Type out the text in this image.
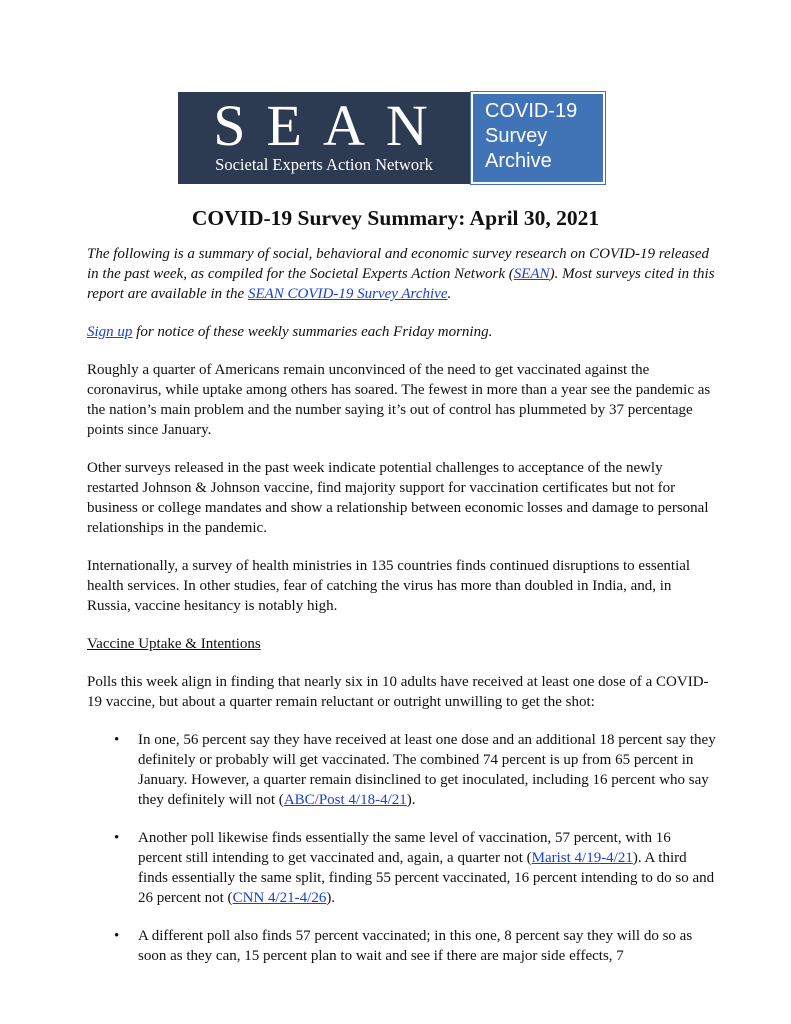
SEAN
Societal Experts Action Network
COVID-19
Survey
Archive
COVID-19 Survey Summary: April 30, 2021

The following is a summary of social, behavioral and economic survey research on COVID-19 released in the past week, as compiled for the Societal Experts Action Network (SEAN). Most surveys cited in this report are available in the SEAN COVID-19 Survey Archive.

Sign up for notice of these weekly summaries each Friday morning.

Roughly a quarter of Americans remain unconvinced of the need to get vaccinated against the coronavirus, while uptake among others has soared. The fewest in more than a year see the pandemic as the nation’s main problem and the number saying it’s out of control has plummeted by 37 percentage points since January.

Other surveys released in the past week indicate potential challenges to acceptance of the newly restarted Johnson & Johnson vaccine, find majority support for vaccination certificates but not for business or college mandates and show a relationship between economic losses and damage to personal relationships in the pandemic.

Internationally, a survey of health ministries in 135 countries finds continued disruptions to essential health services. In other studies, fear of catching the virus has more than doubled in India, and, in Russia, vaccine hesitancy is notably high.

Vaccine Uptake & Intentions

Polls this week align in finding that nearly six in 10 adults have received at least one dose of a COVID-19 vaccine, but about a quarter remain reluctant or outright unwilling to get the shot:

• In one, 56 percent say they have received at least one dose and an additional 18 percent say they definitely or probably will get vaccinated. The combined 74 percent is up from 65 percent in January. However, a quarter remain disinclined to get inoculated, including 16 percent who say they definitely will not (ABC/Post 4/18-4/21).
• Another poll likewise finds essentially the same level of vaccination, 57 percent, with 16 percent still intending to get vaccinated and, again, a quarter not (Marist 4/19-4/21). A third finds essentially the same split, finding 55 percent vaccinated, 16 percent intending to do so and 26 percent not (CNN 4/21-4/26).
• A different poll also finds 57 percent vaccinated; in this one, 8 percent say they will do so as soon as they can, 15 percent plan to wait and see if there are major side effects, 7
